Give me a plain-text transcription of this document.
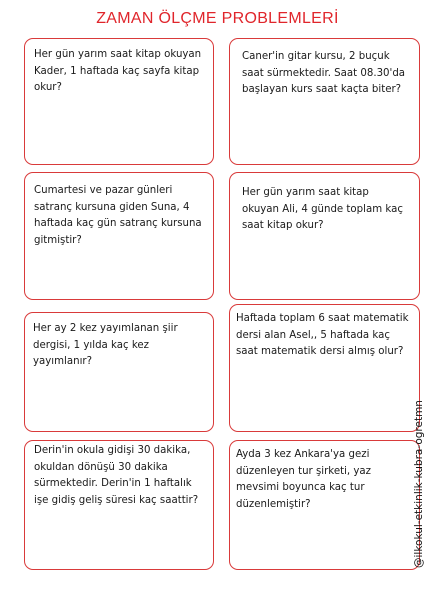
ZAMAN ÖLÇME PROBLEMLERİ

Her gün yarım saat kitap okuyan Kader, 1 haftada kaç sayfa kitap okur?

Caner'in gitar kursu, 2 buçuk saat sürmektedir. Saat 08.30'da başlayan kurs saat kaçta biter?

Cumartesi ve pazar günleri satranç kursuna giden Suna, 4 haftada kaç gün satranç kursuna gitmiştir?

Her gün yarım saat kitap okuyan Ali, 4 günde toplam kaç saat kitap okur?

Her ay 2 kez yayımlanan şiir dergisi, 1 yılda kaç kez yayımlanır?

Haftada toplam 6 saat matematik dersi alan Asel,, 5 haftada kaç saat matematik dersi almış olur?

Derin'in okula gidişi 30 dakika, okuldan dönüşü 30 dakika sürmektedir. Derin'in 1 haftalık işe gidiş geliş süresi kaç saattir?

Ayda 3 kez Ankara'ya gezi düzenleyen tur şirketi, yaz mevsimi boyunca kaç tur düzenlemiştir?	@ilkokul-etkinlik-kubra-ogretmn
